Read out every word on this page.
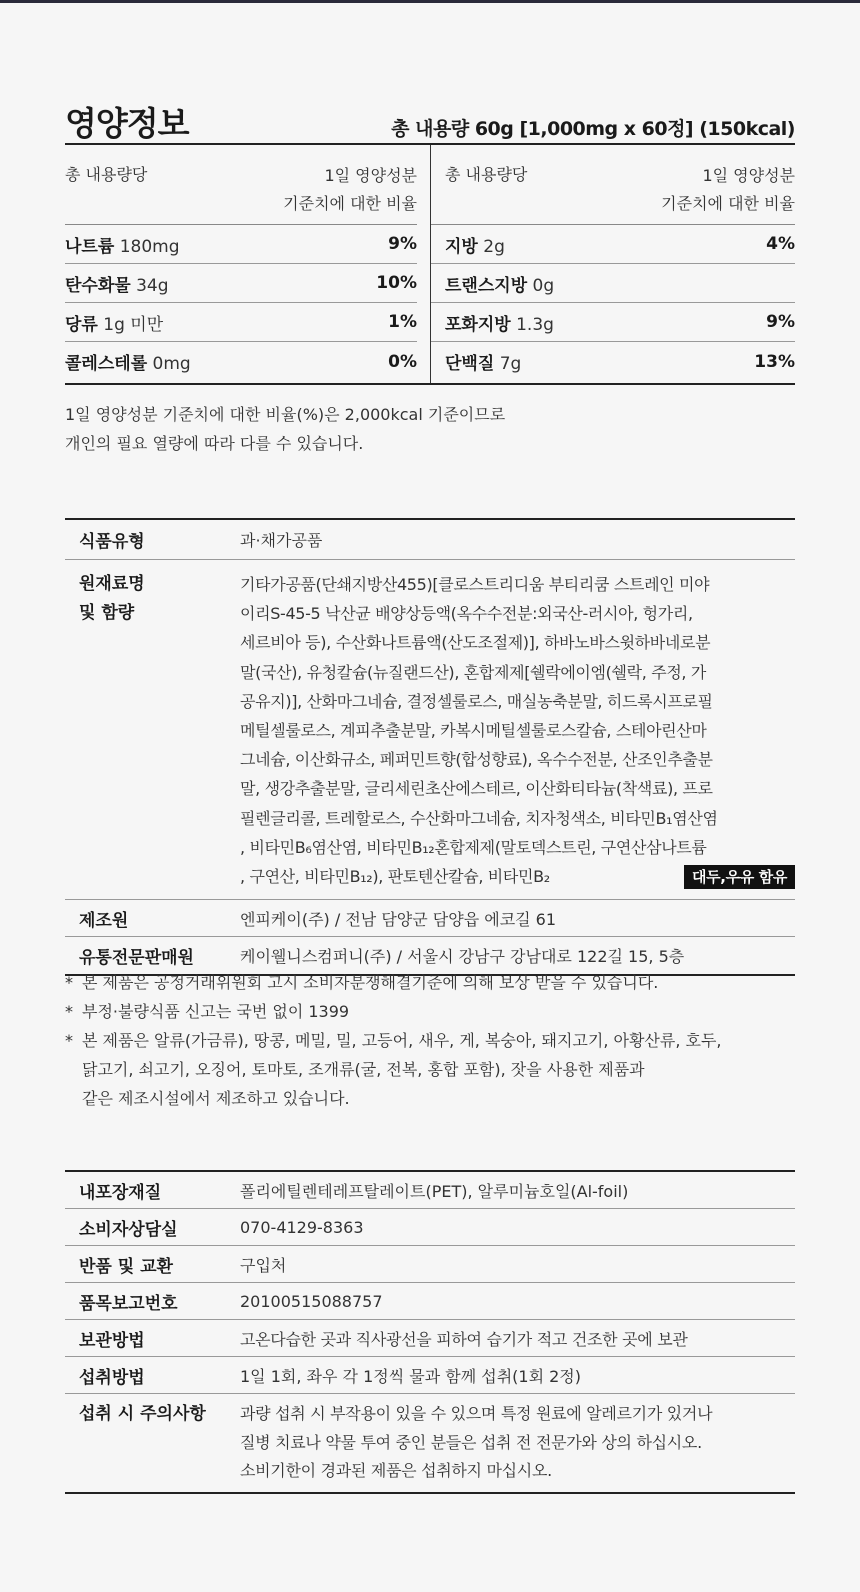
영양정보	총 내용량 60g [1,000mg x 60정] (150kcal)
총 내용량당	1일 영양성분
기준치에 대한 비율
나트륨 180mg	9%
탄수화물 34g	10%
당류 1g 미만	1%
콜레스테롤 0mg	0%
총 내용량당	1일 영양성분
기준치에 대한 비율
지방 2g	4%
트랜스지방 0g
포화지방 1.3g	9%
단백질 7g	13%
1일 영양성분 기준치에 대한 비율(%)은 2,000kcal 기준이므로
개인의 필요 열량에 따라 다를 수 있습니다.
식품유형	과·채가공품
원재료명
및 함량
기타가공품(단쇄지방산455)[클로스트리디움 부티리쿰 스트레인 미야
이리S-45-5 낙산균 배양상등액(옥수수전분:외국산-러시아, 헝가리,
세르비아 등), 수산화나트륨액(산도조절제)], 하바노바스윗하바네로분
말(국산), 유청칼슘(뉴질랜드산), 혼합제제[쉘락에이엠(쉘락, 주정, 가
공유지)], 산화마그네슘, 결정셀룰로스, 매실농축분말, 히드록시프로필
메틸셀룰로스, 계피추출분말, 카복시메틸셀룰로스칼슘, 스테아린산마
그네슘, 이산화규소, 페퍼민트향(합성향료), 옥수수전분, 산조인추출분
말, 생강추출분말, 글리세린초산에스테르, 이산화티타늄(착색료), 프로
필렌글리콜, 트레할로스, 수산화마그네슘, 치자청색소, 비타민B₁염산염
, 비타민B₆염산염, 비타민B₁₂혼합제제(말토덱스트린, 구연산삼나트륨
, 구연산, 비타민B₁₂), 판토텐산칼슘, 비타민B₂	대두,우유 함유
제조원	엔피케이(주) / 전남 담양군 담양읍 에코길 61
유통전문판매원	케이웰니스컴퍼니(주) / 서울시 강남구 강남대로 122길 15, 5층
* 본 제품은 공정거래위원회 고시 소비자분쟁해결기준에 의해 보상 받을 수 있습니다.
* 부정·불량식품 신고는 국번 없이 1399
* 본 제품은 알류(가금류), 땅콩, 메밀, 밀, 고등어, 새우, 게, 복숭아, 돼지고기, 아황산류, 호두,
닭고기, 쇠고기, 오징어, 토마토, 조개류(굴, 전복, 홍합 포함), 잣을 사용한 제품과
같은 제조시설에서 제조하고 있습니다.
내포장재질	폴리에틸렌테레프탈레이트(PET), 알루미늄호일(Al-foil)
소비자상담실	070-4129-8363
반품 및 교환	구입처
품목보고번호	20100515088757
보관방법	고온다습한 곳과 직사광선을 피하여 습기가 적고 건조한 곳에 보관
섭취방법	1일 1회, 좌우 각 1정씩 물과 함께 섭취(1회 2정)
섭취 시 주의사항	과량 섭취 시 부작용이 있을 수 있으며 특정 원료에 알레르기가 있거나
질병 치료나 약물 투여 중인 분들은 섭취 전 전문가와 상의 하십시오.
소비기한이 경과된 제품은 섭취하지 마십시오.
